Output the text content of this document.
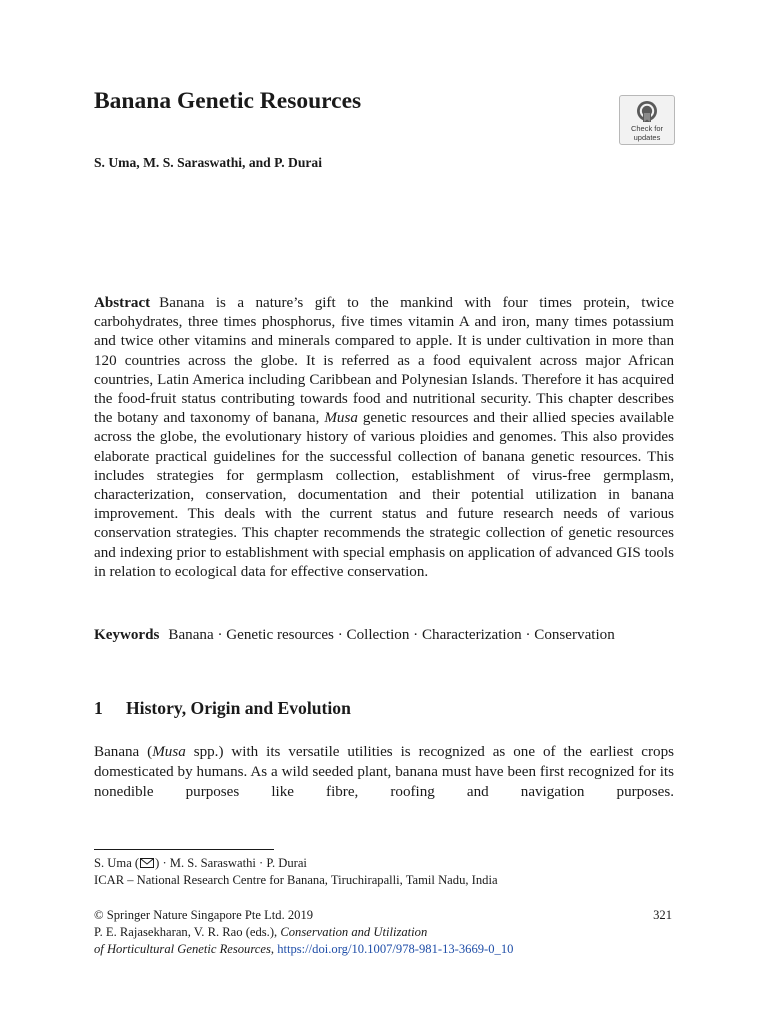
Banana Genetic Resources
Check for
updates

S. Uma, M. S. Saraswathi, and P. Durai

Abstract Banana is a nature’s gift to the mankind with four times protein, twice carbohydrates, three times phosphorus, five times vitamin A and iron, many times potassium and twice other vitamins and minerals compared to apple. It is under cultivation in more than 120 countries across the globe. It is referred as a food equivalent across major African countries, Latin America including Caribbean and Polynesian Islands. Therefore it has acquired the food-fruit status contributing towards food and nutritional security. This chapter describes the botany and taxonomy of banana, Musa genetic resources and their allied species available across the globe, the evolutionary history of various ploidies and genomes. This also provides elaborate practical guidelines for the successful collection of banana genetic resources. This includes strategies for germplasm collection, establishment of virus-free germplasm, characterization, conservation, documentation and their potential utilization in banana improvement. This deals with the current status and future research needs of various conservation strategies. This chapter recommends the strategic collection of genetic resources and indexing prior to establishment with special emphasis on application of advanced GIS tools in relation to ecological data for effective conservation.

Keywords Banana · Genetic resources · Collection · Characterization · Conservation

1 History, Origin and Evolution

Banana (Musa spp.) with its versatile utilities is recognized as one of the earliest crops domesticated by humans. As a wild seeded plant, banana must have been first recognized for its nonedible purposes like fibre, roofing and navigation purposes.

S. Uma ( ) · M. S. Saraswathi · P. Durai

ICAR – National Research Centre for Banana, Tiruchirapalli, Tamil Nadu, India

© Springer Nature Singapore Pte Ltd. 2019	321

P. E. Rajasekharan, V. R. Rao (eds.), Conservation and Utilization

of Horticultural Genetic Resources, https://doi.org/10.1007/978-981-13-3669-0_10
